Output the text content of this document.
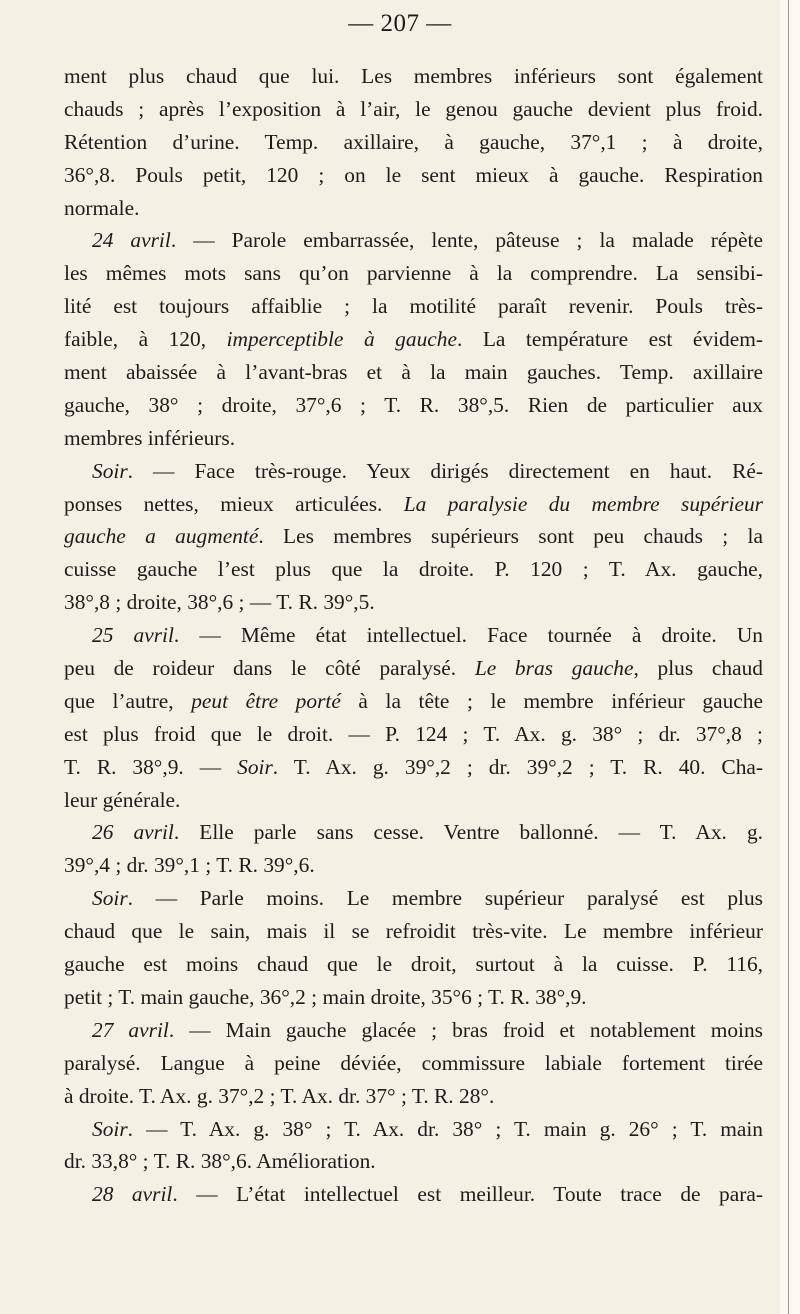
— 207 —
ment plus chaud que lui. Les membres inférieurs sont également
chauds ; après l’exposition à l’air, le genou gauche devient plus froid.
Rétention d’urine. Temp. axillaire, à gauche, 37°,1 ; à droite,
36°,8. Pouls petit, 120 ; on le sent mieux à gauche. Respiration
normale.
24 avril. — Parole embarrassée, lente, pâteuse ; la malade répète
les mêmes mots sans qu’on parvienne à la comprendre. La sensibi-
lité est toujours affaiblie ; la motilité paraît revenir. Pouls très-
faible, à 120, imperceptible à gauche. La température est évidem-
ment abaissée à l’avant-bras et à la main gauches. Temp. axillaire
gauche, 38° ; droite, 37°,6 ; T. R. 38°,5. Rien de particulier aux
membres inférieurs.
Soir. — Face très-rouge. Yeux dirigés directement en haut. Ré-
ponses nettes, mieux articulées. La paralysie du membre supérieur
gauche a augmenté. Les membres supérieurs sont peu chauds ; la
cuisse gauche l’est plus que la droite. P. 120 ; T. Ax. gauche,
38°,8 ; droite, 38°,6 ; — T. R. 39°,5.
25 avril. — Même état intellectuel. Face tournée à droite. Un
peu de roideur dans le côté paralysé. Le bras gauche, plus chaud
que l’autre, peut être porté à la tête ; le membre inférieur gauche
est plus froid que le droit. — P. 124 ; T. Ax. g. 38° ; dr. 37°,8 ;
T. R. 38°,9. — Soir. T. Ax. g. 39°,2 ; dr. 39°,2 ; T. R. 40. Cha-
leur générale.
26 avril. Elle parle sans cesse. Ventre ballonné. — T. Ax. g.
39°,4 ; dr. 39°,1 ; T. R. 39°,6.
Soir. — Parle moins. Le membre supérieur paralysé est plus
chaud que le sain, mais il se refroidit très-vite. Le membre inférieur
gauche est moins chaud que le droit, surtout à la cuisse. P. 116,
petit ; T. main gauche, 36°,2 ; main droite, 35°6 ; T. R. 38°,9.
27 avril. — Main gauche glacée ; bras froid et notablement moins
paralysé. Langue à peine déviée, commissure labiale fortement tirée
à droite. T. Ax. g. 37°,2 ; T. Ax. dr. 37° ; T. R. 28°.
Soir. — T. Ax. g. 38° ; T. Ax. dr. 38° ; T. main g. 26° ; T. main
dr. 33,8° ; T. R. 38°,6. Amélioration.
28 avril. — L’état intellectuel est meilleur. Toute trace de para-
